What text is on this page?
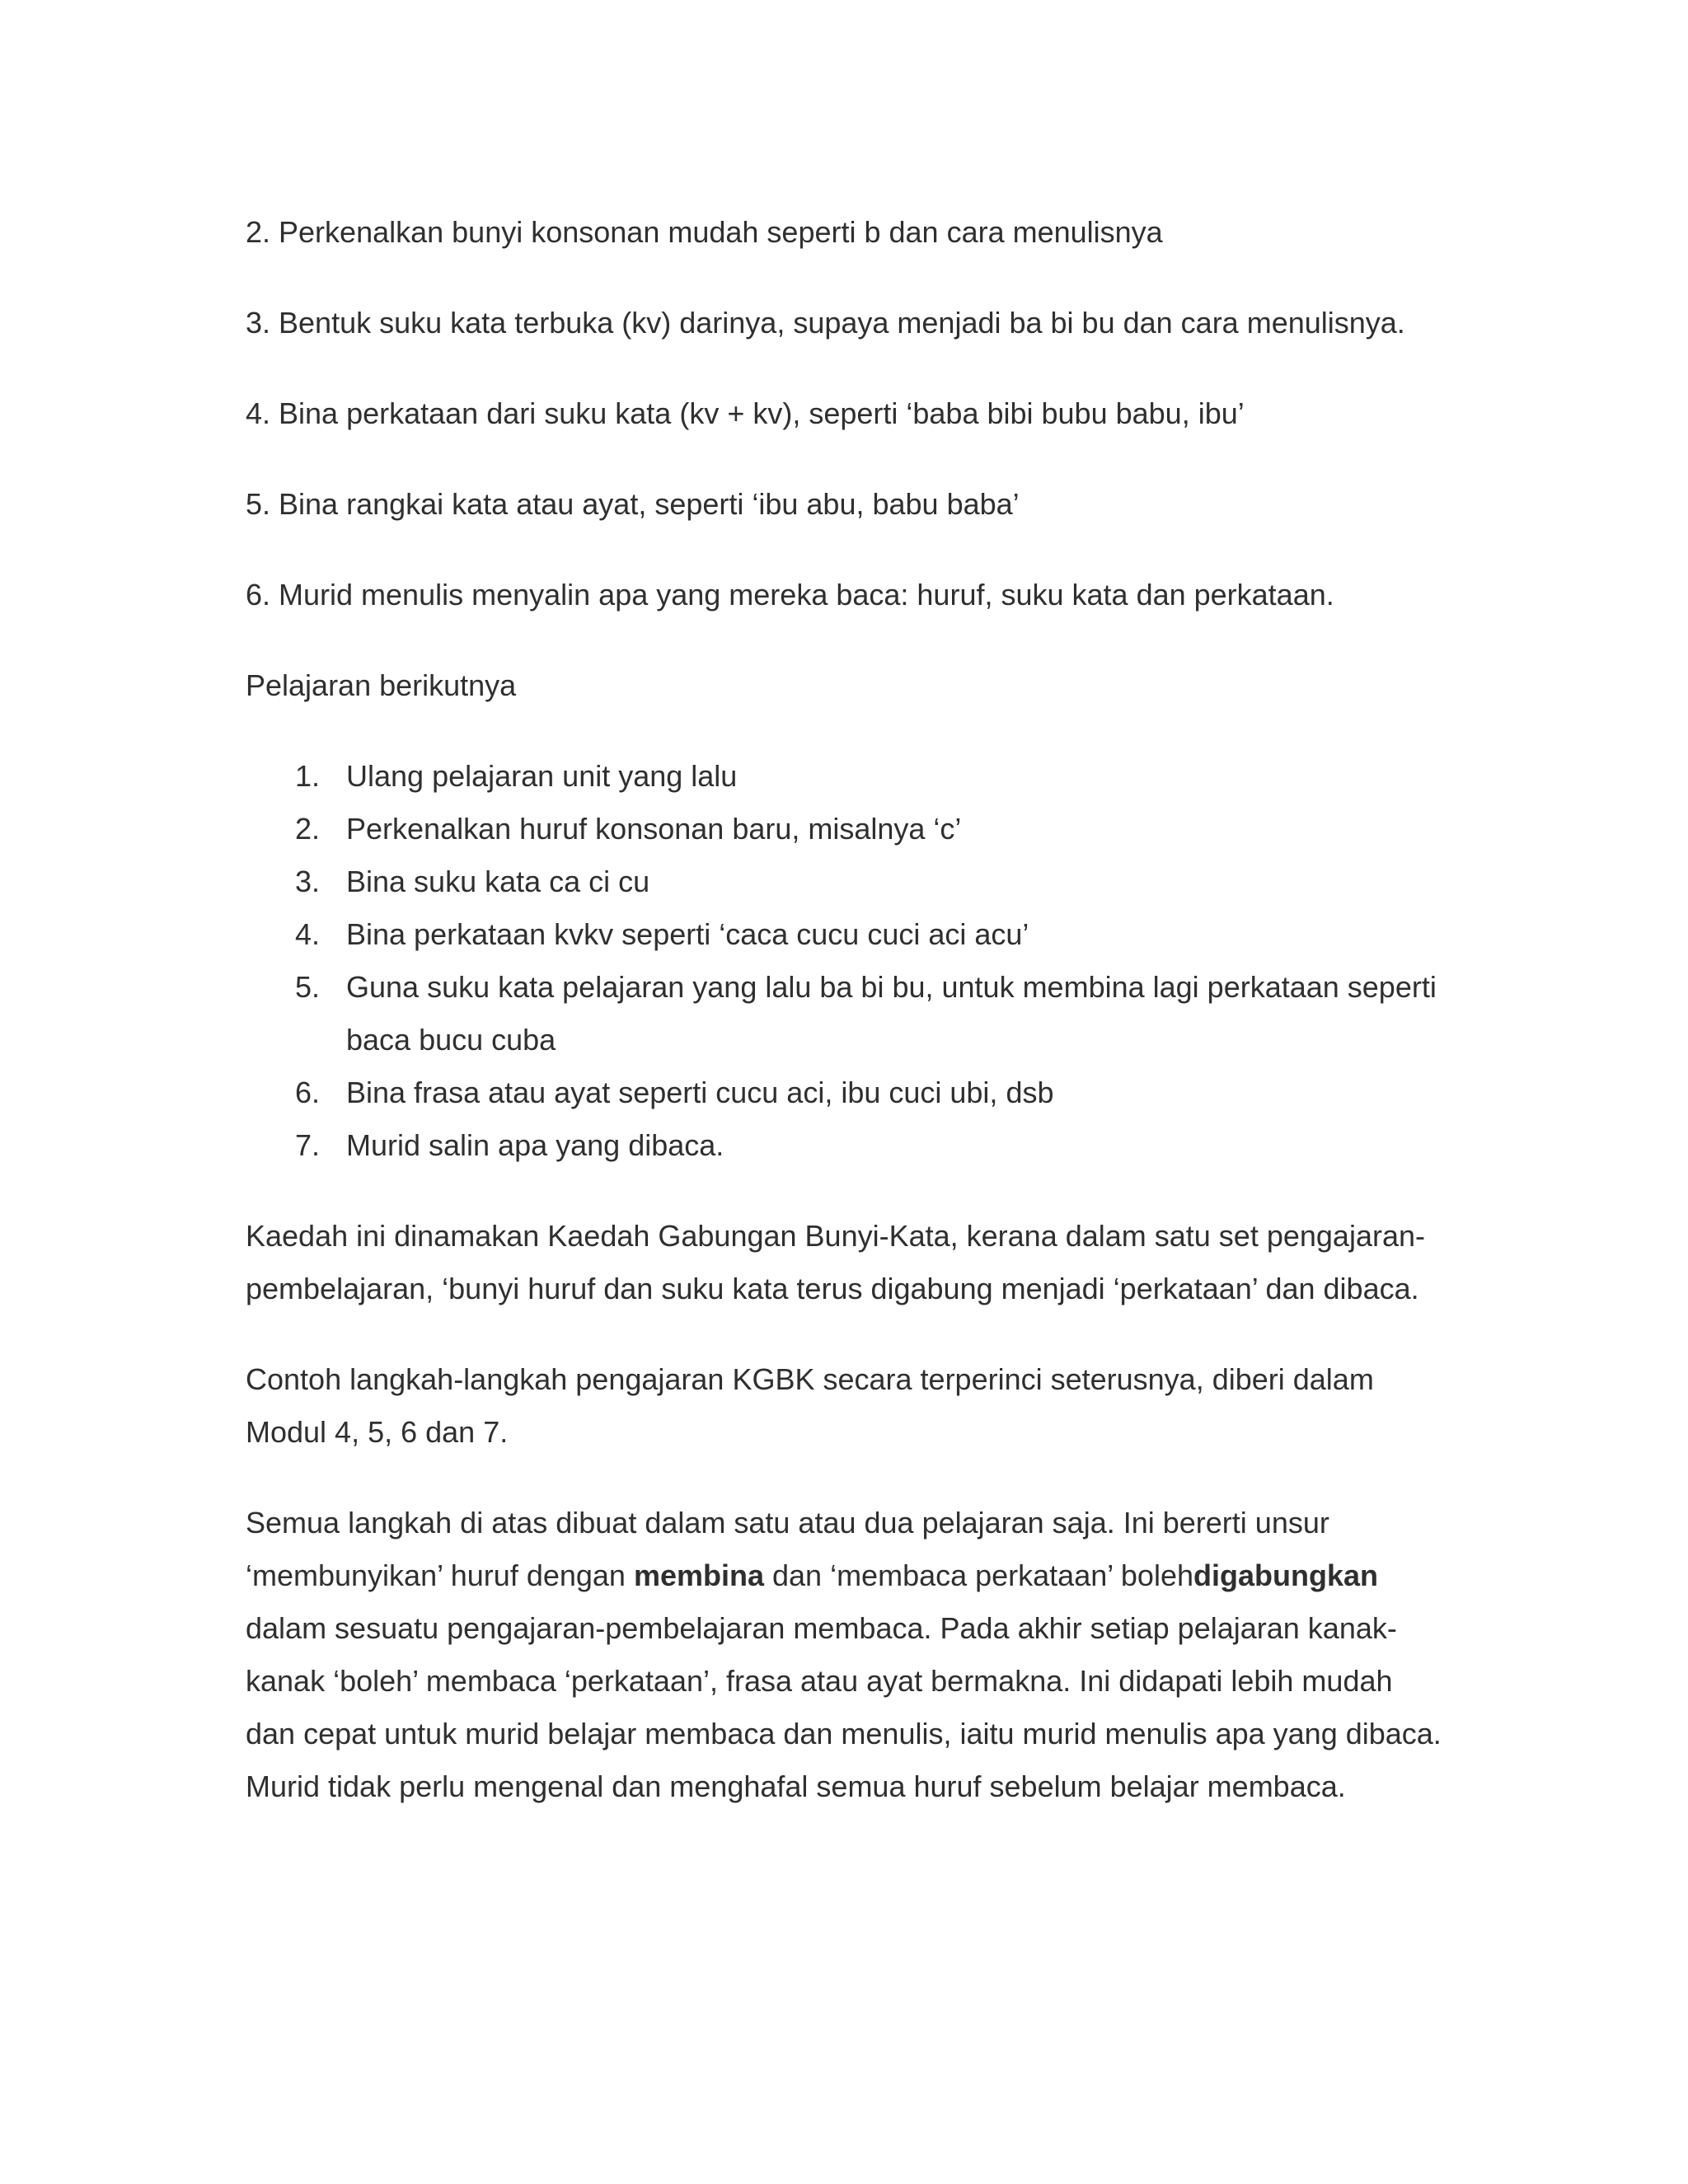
2. Perkenalkan bunyi konsonan mudah seperti b dan cara menulisnya

3. Bentuk suku kata terbuka (kv) darinya, supaya menjadi ba bi bu dan cara menulisnya.

4. Bina perkataan dari suku kata (kv + kv), seperti ‘baba bibi bubu babu, ibu’

5. Bina rangkai kata atau ayat, seperti ‘ibu abu, babu baba’

6. Murid menulis menyalin apa yang mereka baca: huruf, suku kata dan perkataan.

Pelajaran berikutnya

1. Ulang pelajaran unit yang lalu
2. Perkenalkan huruf konsonan baru, misalnya ‘c’
3. Bina suku kata ca ci cu
4. Bina perkataan kvkv seperti ‘caca cucu cuci aci acu’
5. Guna suku kata pelajaran yang lalu ba bi bu, untuk membina lagi perkataan seperti baca bucu cuba
6. Bina frasa atau ayat seperti cucu aci, ibu cuci ubi, dsb
7. Murid salin apa yang dibaca.

Kaedah ini dinamakan Kaedah Gabungan Bunyi-Kata, kerana dalam satu set pengajaran-pembelajaran, ‘bunyi huruf dan suku kata terus digabung menjadi ‘perkataan’ dan dibaca.

Contoh langkah-langkah pengajaran KGBK secara terperinci seterusnya, diberi dalam Modul 4, 5, 6 dan 7.

Semua langkah di atas dibuat dalam satu atau dua pelajaran saja. Ini bererti unsur ‘membunyikan’ huruf dengan membina dan ‘membaca perkataan’ bolehdigabungkan dalam sesuatu pengajaran-pembelajaran membaca. Pada akhir setiap pelajaran kanak-kanak ‘boleh’ membaca ‘perkataan’, frasa atau ayat bermakna. Ini didapati lebih mudah dan cepat untuk murid belajar membaca dan menulis, iaitu murid menulis apa yang dibaca. Murid tidak perlu mengenal dan menghafal semua huruf sebelum belajar membaca.
